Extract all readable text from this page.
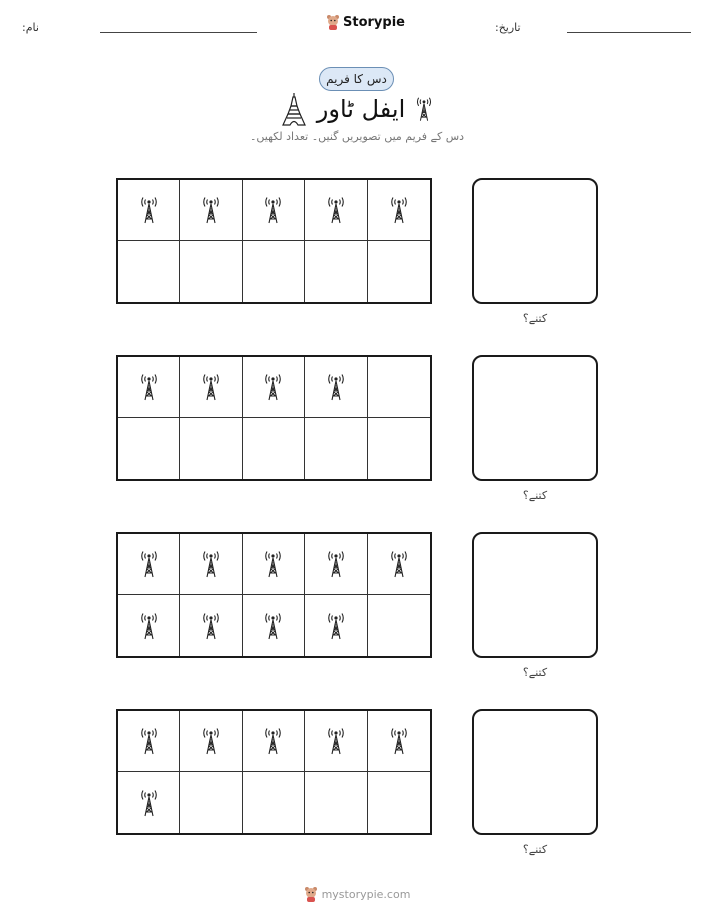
نام:	Storypie	تاریخ:
دس کا فریم
ایفل ٹاور
دس کے فریم میں تصویریں گنیں۔ تعداد لکھیں۔
کتنے؟
کتنے؟
کتنے؟
کتنے؟
mystorypie.com
